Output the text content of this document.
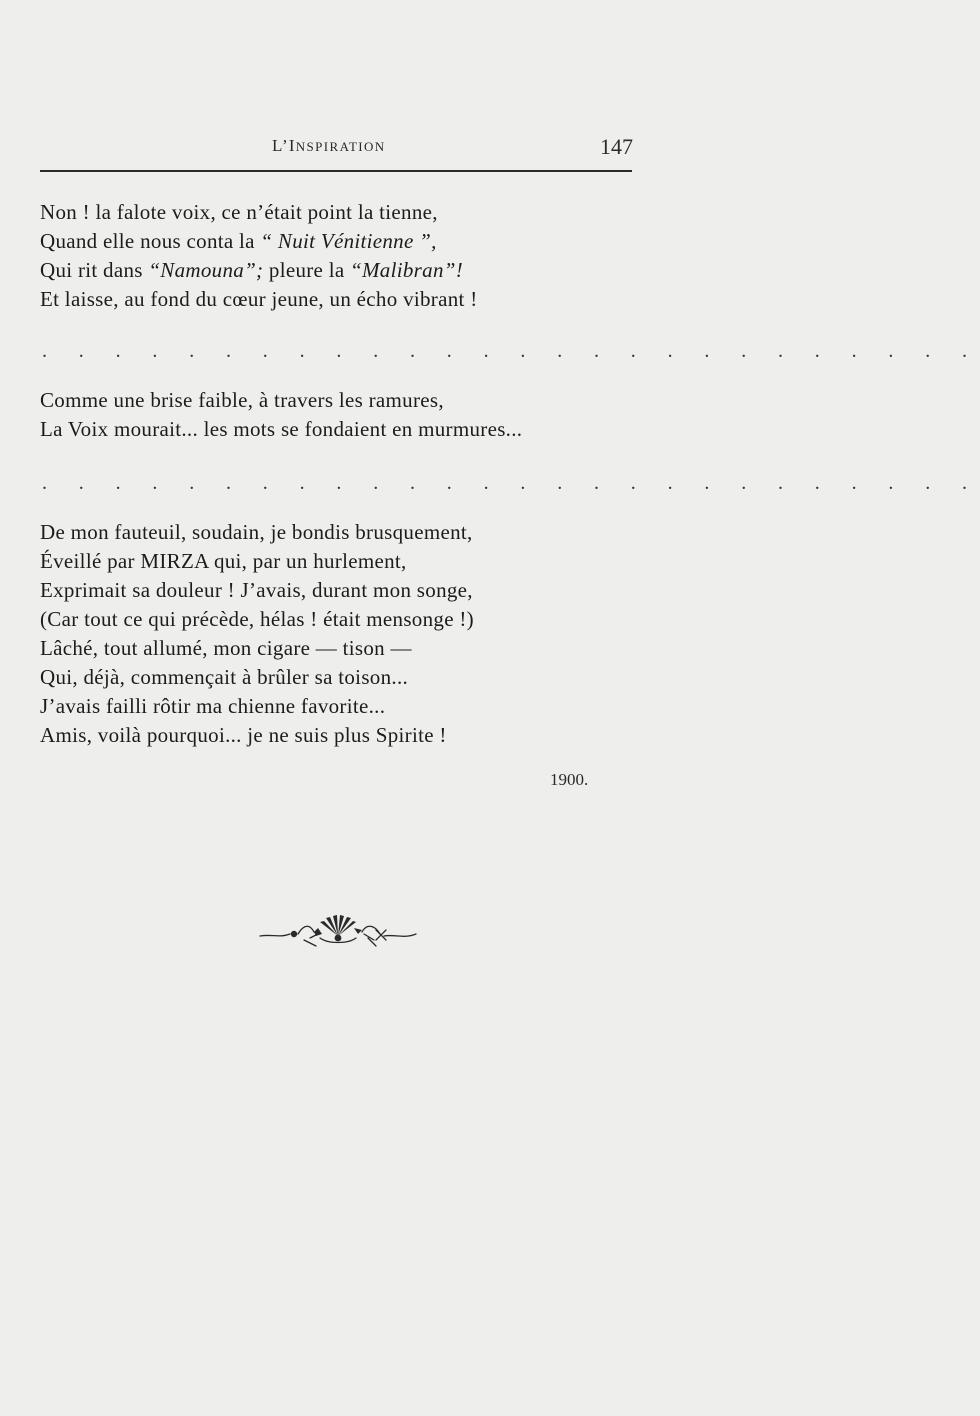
L’INSPIRATION	147
Non ! la falote voix, ce n’était point la tienne,
Quand elle nous conta la “ Nuit Vénitienne ”,
Qui rit dans “Namouna”; pleure la “Malibran”!
Et laisse, au fond du cœur jeune, un écho vibrant !
. . . . . . . . . . . . . . . . . . . . . . . . . .
Comme une brise faible, à travers les ramures,
La Voix mourait... les mots se fondaient en murmures...
. . . . . . . . . . . . . . . . . . . . . . . . . .
De mon fauteuil, soudain, je bondis brusquement,
Éveillé par MIRZA qui, par un hurlement,
Exprimait sa douleur ! J’avais, durant mon songe,
(Car tout ce qui précède, hélas ! était mensonge !)
Lâché, tout allumé, mon cigare — tison —
Qui, déjà, commençait à brûler sa toison...
J’avais failli rôtir ma chienne favorite...
Amis, voilà pourquoi... je ne suis plus Spirite !
1900.
